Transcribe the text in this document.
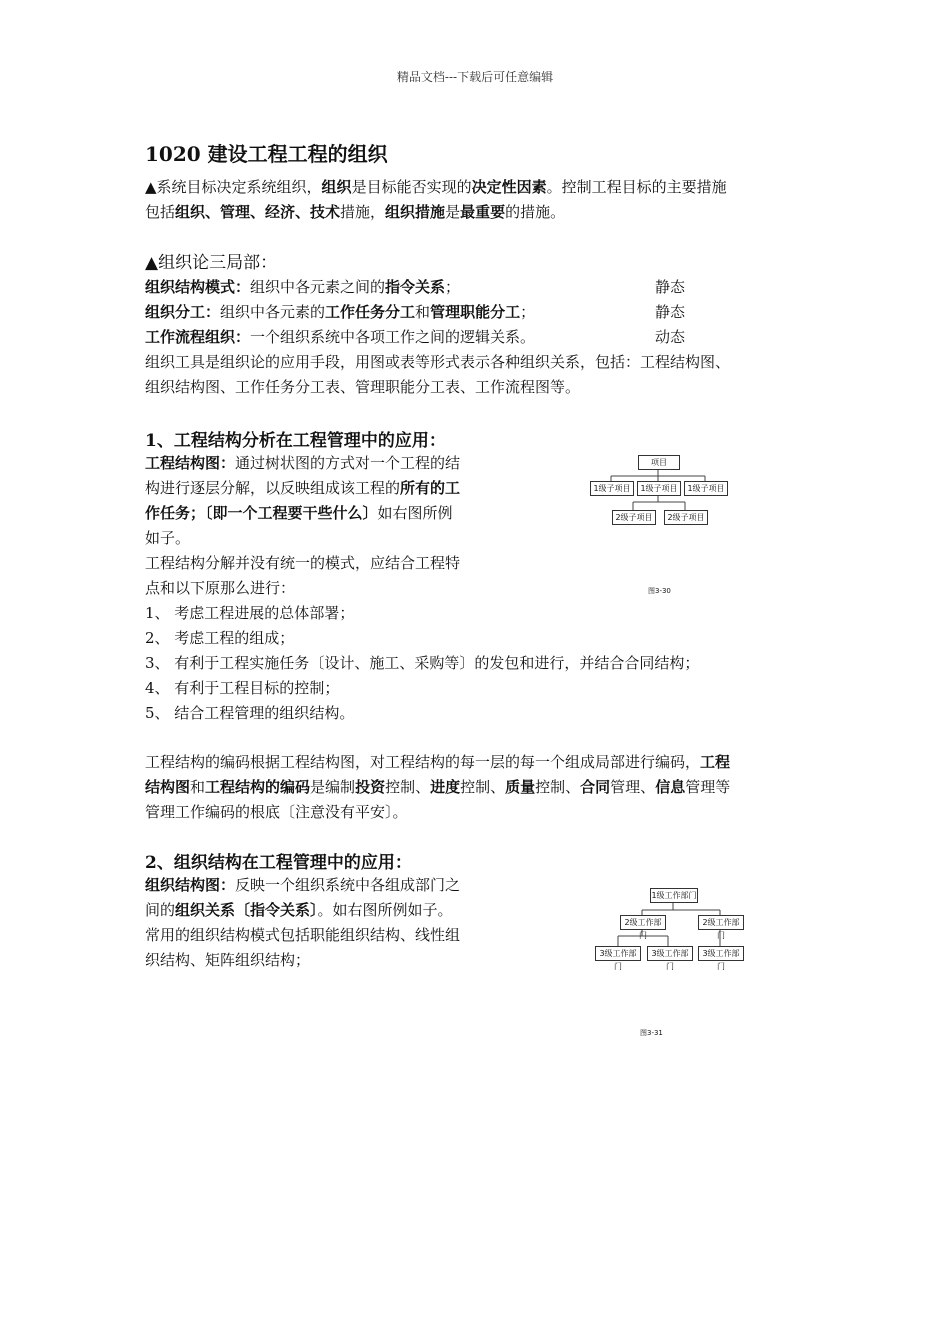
精品文档---下载后可任意编辑
1020 建设工程工程的组织
▲系统目标决定系统组织，组织是目标能否实现的决定性因素。控制工程目标的主要措施
包括组织、管理、经济、技术措施，组织措施是最重要的措施。
▲组织论三局部：
组织结构模式：组织中各元素之间的指令关系；	静态
组织分工：组织中各元素的工作任务分工和管理职能分工；	静态
工作流程组织：一个组织系统中各项工作之间的逻辑关系。	动态
组织工具是组织论的应用手段，用图或表等形式表示各种组织关系，包括：工程结构图、
组织结构图、工作任务分工表、管理职能分工表、工作流程图等。
1、工程结构分析在工程管理中的应用：
工程结构图：通过树状图的方式对一个工程的结
构进行逐层分解，以反映组成该工程的所有的工
作任务；〔即一个工程要干些什么〕如右图所例
如子。
工程结构分解并没有统一的模式，应结合工程特
点和以下原那么进行：
1、 考虑工程进展的总体部署；
2、 考虑工程的组成；
3、 有利于工程实施任务〔设计、施工、采购等〕的发包和进行，并结合合同结构；
4、 有利于工程目标的控制；
5、 结合工程管理的组织结构。
工程结构的编码根据工程结构图，对工程结构的每一层的每一个组成局部进行编码，工程
结构图和工程结构的编码是编制投资控制、进度控制、质量控制、合同管理、信息管理等
管理工作编码的根底〔注意没有平安〕。
项目
1级子项目	1级子项目	1级子项目
2级子项目	2级子项目
图3-30
2、组织结构在工程管理中的应用：
组织结构图：反映一个组织系统中各组成部门之
间的组织关系〔指令关系〕。如右图所例如子。
常用的组织结构模式包括职能组织结构、线性组
织结构、矩阵组织结构；
1级工作部门
2级工作部门
2级工作部门
3级工作部门
3级工作部门
3级工作部门
图3-31
